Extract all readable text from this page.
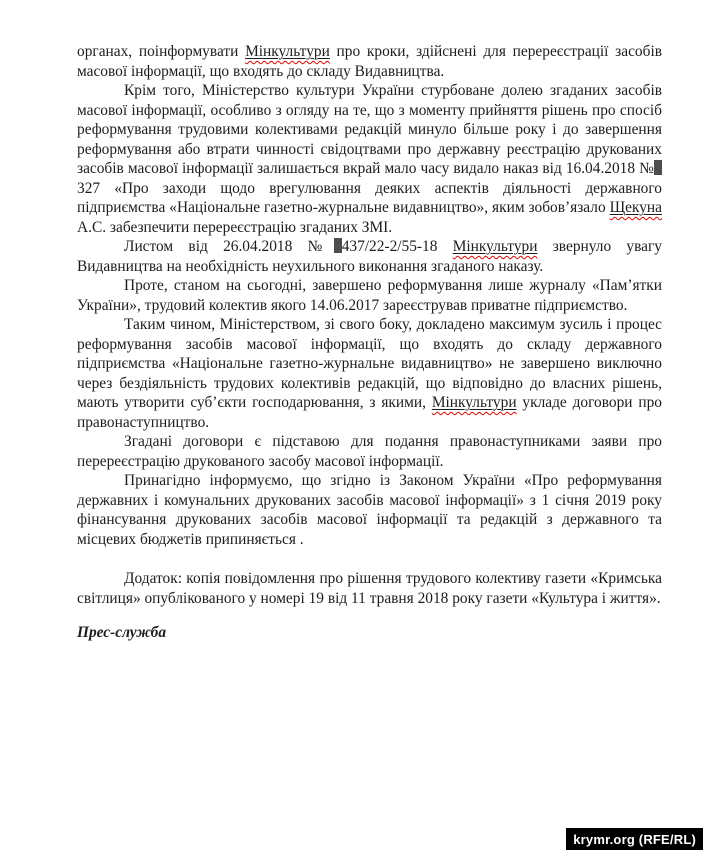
органах, поінформувати Мінкультури про кроки, здійснені для перереєстрації засобів масової інформації, що входять до складу Видавництва.

Крім того, Міністерство культури України стурбоване долею згаданих засобів масової інформації, особливо з огляду на те, що з моменту прийняття рішень про спосіб реформування трудовими колективами редакцій минуло більше року і до завершення реформування або втрати чинності свідоцтвами про державну реєстрацію друкованих засобів масової інформації залишається вкрай мало часу видало наказ від 16.04.2018 №327 «Про заходи щодо врегулювання деяких аспектів діяльності державного підприємства «Національне газетно-журнальне видавництво», яким зобов’язало Щекуна А.С. забезпечити перереєстрацію згаданих ЗМІ.

Листом від 26.04.2018 № 437/22-2/55-18 Мінкультури звернуло увагу Видавництва на необхідність неухильного виконання згаданого наказу.

Проте, станом на сьогодні, завершено реформування лише журналу «Пам’ятки України», трудовий колектив якого 14.06.2017 зареєстрував приватне підприємство.

Таким чином, Міністерством, зі свого боку, докладено максимум зусиль і процес реформування засобів масової інформації, що входять до складу державного підприємства «Національне газетно-журнальне видавництво» не завершено виключно через бездіяльність трудових колективів редакцій, що відповідно до власних рішень, мають утворити суб’єкти господарювання, з якими, Мінкультури укладе договори про правонаступництво.

Згадані договори є підставою для подання правонаступниками заяви про перереєстрацію друкованого засобу масової інформації.

Принагідно інформуємо, що згідно із Законом України «Про реформування державних і комунальних друкованих засобів масової інформації» з 1 січня 2019 року фінансування друкованих засобів масової інформації та редакцій з державного та місцевих бюджетів припиняється .

Додаток: копія повідомлення про рішення трудового колективу газети «Кримська світлиця» опублікованого у номері 19 від 11 травня 2018 року газети «Культура і життя».

Прес-служба

krymr.org (RFE/RL)
